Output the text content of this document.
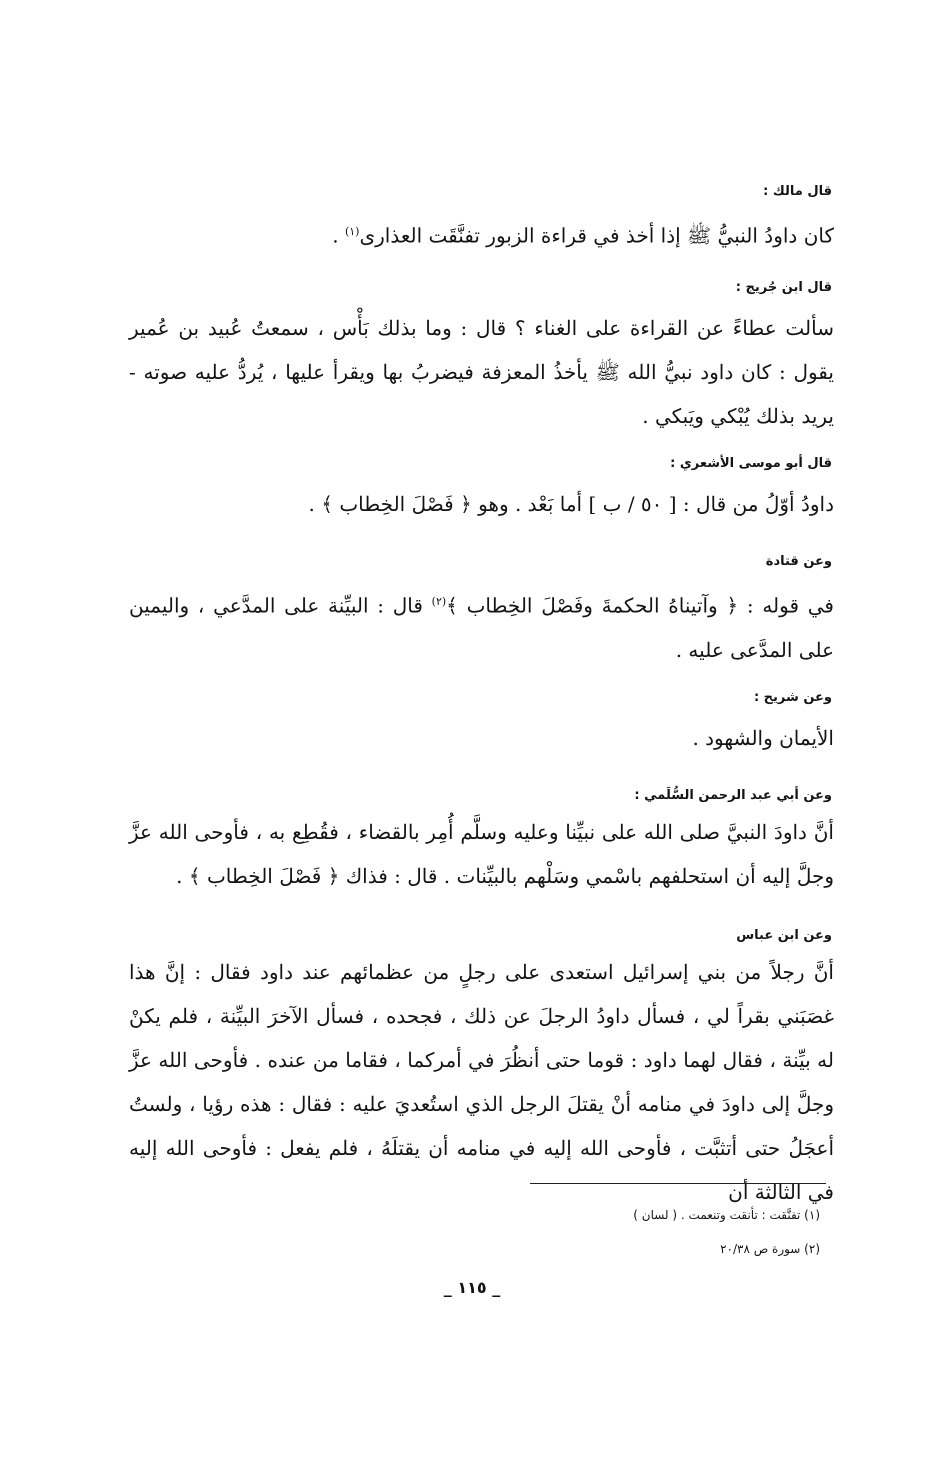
قال مالك :

كان داودُ النبيُّ ﷺ إذا أخذ في قراءة الزبور تفنَّقَت العذارى$^{(١)}$ .

قال ابن جُريج :

سألت عطاءً عن القراءة على الغناء ؟ قال : وما بذلك بَأْس ، سمعتُ عُبيد بن عُمير يقول : كان داود نبيُّ الله ﷺ يأخذُ المعزفة فيضربُ بها ويقرأ عليها ، يُردُّ عليه صوته - يريد بذلك يُبْكي ويَبكي .

قال أبو موسى الأشعري :

داودُ أوّلُ من قال : [ ٥٠ / ب ] أما بَعْد . وهو ﴿ فَصْلَ الخِطاب ﴾ .

وعن قتادة

في قوله : ﴿ وآتيناهُ الحكمةَ وفَصْلَ الخِطاب ﴾$^{(٢)}$ قال : البيِّنة على المدَّعي ، واليمين على المدَّعى عليه .

وعن شريح :

الأيمان والشهود .

وعن أبي عبد الرحمن السُّلَمي :

أنَّ داودَ النبيَّ صلى الله على نبيِّنا وعليه وسلَّم أُمِر بالقضاء ، فقُطِع به ، فأوحى الله عزَّ وجلَّ إليه أن استحلفهم باسْمي وسَلْهم بالبيِّنات . قال : فذاك ﴿ فَصْلَ الخِطاب ﴾ .

وعن ابن عباس

أنَّ رجلاً من بني إسرائيل استعدى على رجلٍ من عظمائهم عند داود فقال : إنَّ هذا غصَبَني بقراً لي ، فسأل داودُ الرجلَ عن ذلك ، فجحده ، فسأل الآخرَ البيِّنة ، فلم يكنْ له بيِّنة ، فقال لهما داود : قوما حتى أنظُرَ في أمركما ، فقاما من عنده . فأوحى الله عزَّ وجلَّ إلى داودَ في منامه أنْ يقتلَ الرجل الذي استُعديَ عليه : فقال : هذه رؤيا ، ولستُ أعجَلُ حتى أتثبَّت ، فأوحى الله إليه في منامه أن يقتلَهُ ، فلم يفعل : فأوحى الله إليه في الثالثة أن

(١) تفنَّقت : تأنقت وتنعمت . ( لسان )
(٢) سورة ص ٢٠/٣٨
_ ١١٥ _
